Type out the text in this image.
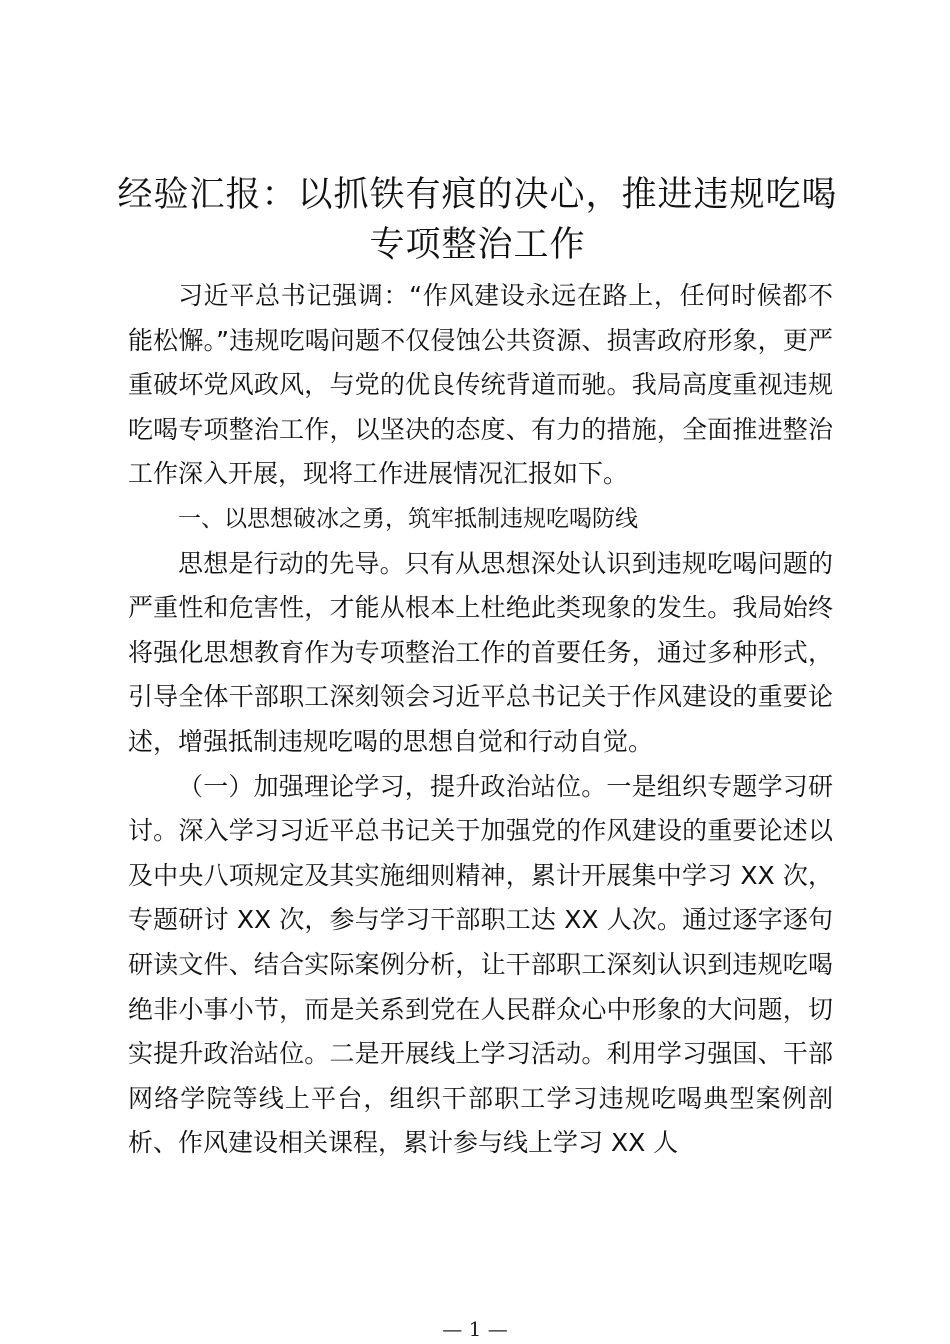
经验汇报：以抓铁有痕的决心，推进违规吃喝专项整治工作

习近平总书记强调：“作风建设永远在路上，任何时候都不能松懈。”违规吃喝问题不仅侵蚀公共资源、损害政府形象，更严重破坏党风政风，与党的优良传统背道而驰。我局高度重视违规吃喝专项整治工作，以坚决的态度、有力的措施，全面推进整治工作深入开展，现将工作进展情况汇报如下。

一、以思想破冰之勇，筑牢抵制违规吃喝防线

思想是行动的先导。只有从思想深处认识到违规吃喝问题的严重性和危害性，才能从根本上杜绝此类现象的发生。我局始终将强化思想教育作为专项整治工作的首要任务，通过多种形式，引导全体干部职工深刻领会习近平总书记关于作风建设的重要论述，增强抵制违规吃喝的思想自觉和行动自觉。

（一）加强理论学习，提升政治站位。一是组织专题学习研讨。深入学习习近平总书记关于加强党的作风建设的重要论述以及中央八项规定及其实施细则精神，累计开展集中学习 XX 次，专题研讨 XX 次，参与学习干部职工达 XX 人次。通过逐字逐句研读文件、结合实际案例分析，让干部职工深刻认识到违规吃喝绝非小事小节，而是关系到党在人民群众心中形象的大问题，切实提升政治站位。二是开展线上学习活动。利用学习强国、干部网络学院等线上平台，组织干部职工学习违规吃喝典型案例剖析、作风建设相关课程，累计参与线上学习 XX 人

— 1 —
